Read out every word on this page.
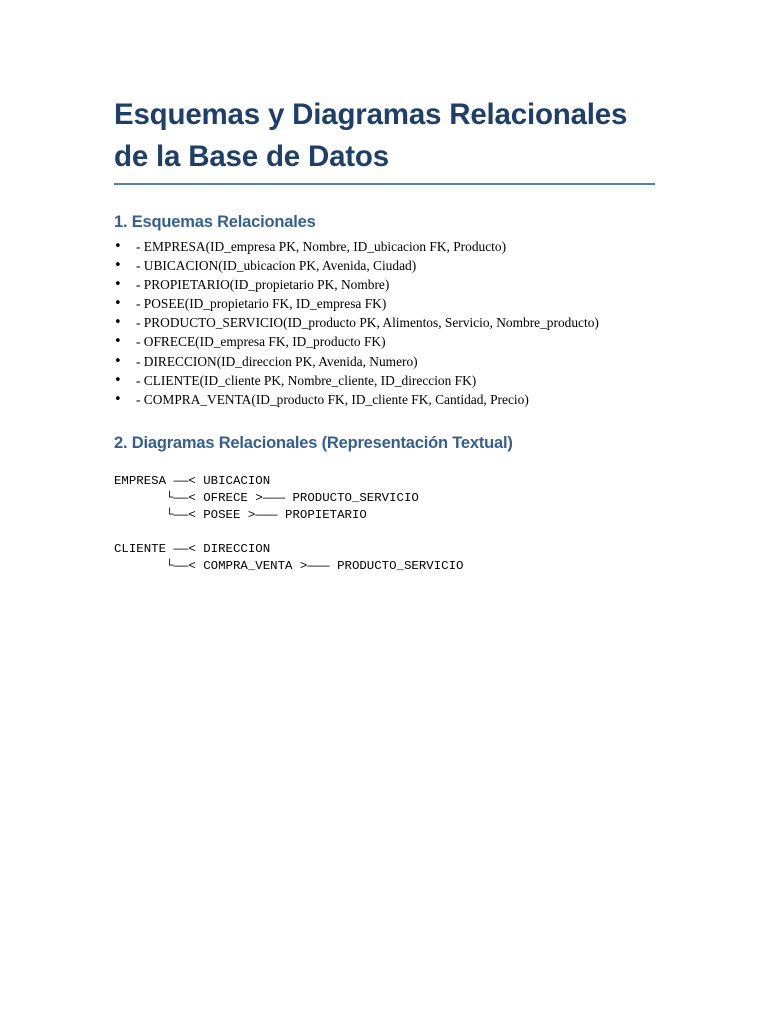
Esquemas y Diagramas Relacionales de la Base de Datos
1. Esquemas Relacionales
• - EMPRESA(ID_empresa PK, Nombre, ID_ubicacion FK, Producto)
• - UBICACION(ID_ubicacion PK, Avenida, Ciudad)
• - PROPIETARIO(ID_propietario PK, Nombre)
• - POSEE(ID_propietario FK, ID_empresa FK)
• - PRODUCTO_SERVICIO(ID_producto PK, Alimentos, Servicio, Nombre_producto)
• - OFRECE(ID_empresa FK, ID_producto FK)
• - DIRECCION(ID_direccion PK, Avenida, Numero)
• - CLIENTE(ID_cliente PK, Nombre_cliente, ID_direccion FK)
• - COMPRA_VENTA(ID_producto FK, ID_cliente FK, Cantidad, Precio)
2. Diagramas Relacionales (Representación Textual)
EMPRESA ——< UBICACION
└——< OFRECE >——— PRODUCTO_SERVICIO
└——< POSEE >——— PROPIETARIO
CLIENTE ——< DIRECCION
└——< COMPRA_VENTA >——— PRODUCTO_SERVICIO
